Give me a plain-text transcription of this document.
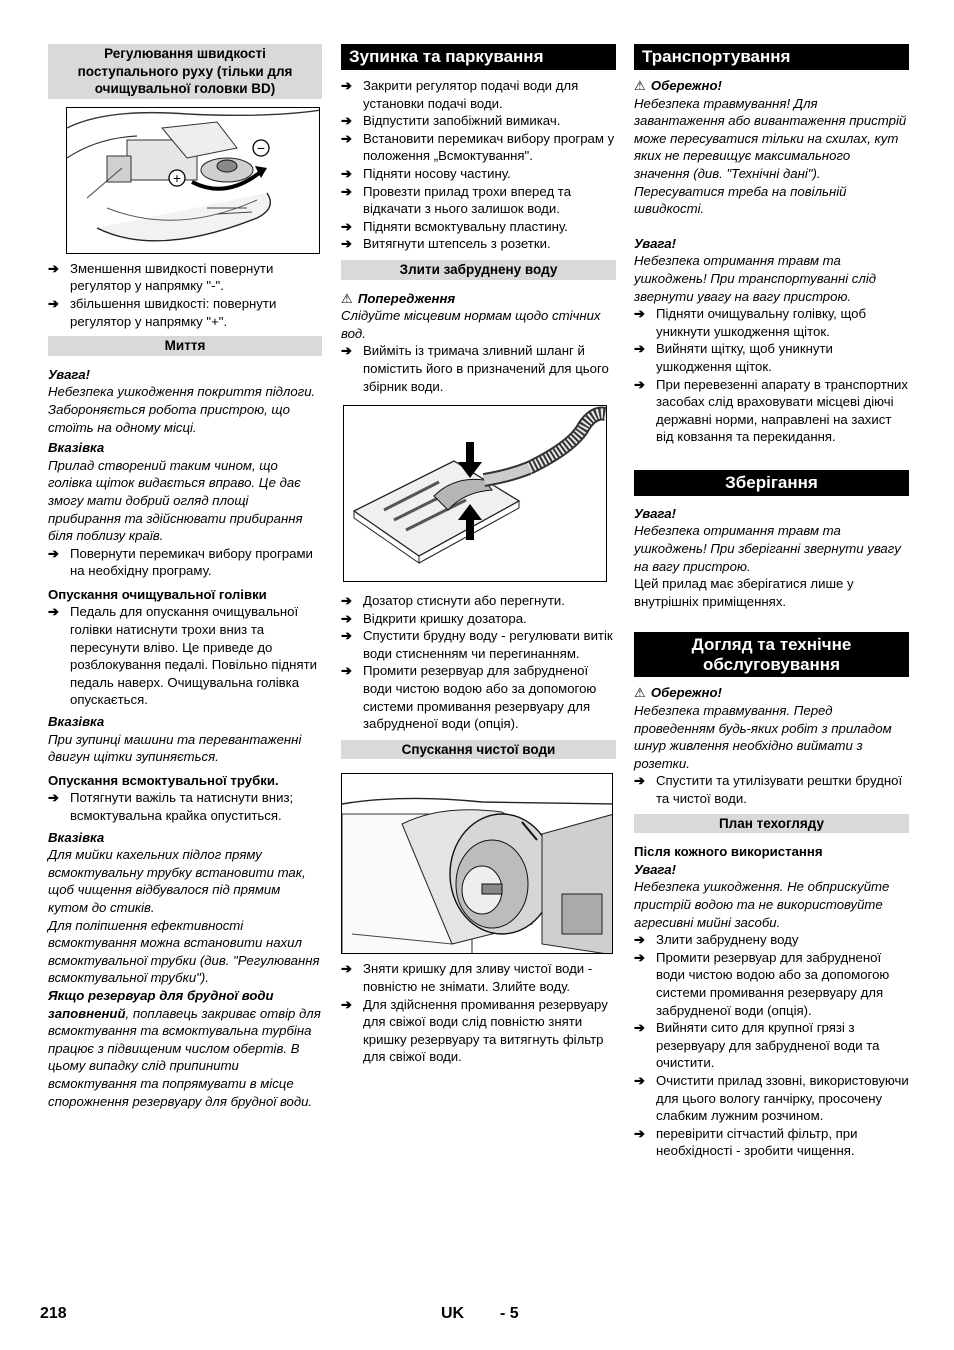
Регулювання швидкості поступального руху (тільки для очищувальної головки BD)
+
−
➔ Зменшення швидкості повернути регулятор у напрямку "-".
➔ збільшення швидкості: повернути регулятор у напрямку "+".
Миття
Увага!
Небезпека ушкодження покриття підлоги. Забороняється робота пристрою, що стоїть на одному місці.
Вказівка
Прилад створений таким чином, що голівка щіток видається вправо. Це дає змогу мати добрий огляд площі прибирання та здійснювати прибирання біля поблизу країв.
➔ Повернути перемикач вибору програми на необхідну програму.
Опускання очищувальної голівки
➔ Педаль для опускання очищувальної голівки натиснути трохи вниз та пересунути вліво. Це приведе до розблокування педалі. Повільно підняти педаль наверх. Очищувальна голівка опускається.
Вказівка
При зупинці машини та перевантаженні двигун щітки зупиняється.
Опускання всмоктувальної трубки.
➔ Потягнути важіль та натиснути вниз; всмоктувальна крайка опуститься.
Вказівка
Для мийки кахельних підлог пряму всмоктувальну трубку встановити так, щоб чищення відбувалося під прямим кутом до стиків.
Для поліпшення ефективності всмоктування можна встановити нахил всмоктувальної трубки (див. "Регулювання всмоктувальної трубки").
Якщо резервуар для брудної води заповнений, поплавець закриває отвір для всмоктування та всмоктувальна турбіна працює з підвищеним числом обертів. В цьому випадку слід припинити всмоктування та попрямувати в місце спорожнення резервуару для брудної води.
Зупинка та паркування
➔ Закрити регулятор подачі води для установки подачі води.
➔ Відпустити запобіжний вимикач.
➔ Встановити перемикач вибору програм у положення „Всмоктування".
➔ Підняти носову частину.
➔ Провезти прилад трохи вперед та відкачати з нього залишок води.
➔ Підняти всмоктувальну пластину.
➔ Витягнути штепсель з розетки.
Злити забруднену воду
⚠ Попередження
Слідуйте місцевим нормам щодо стічних вод.
➔ Виймiть iз тримача зливний шланг й помiстить його в призначений для цього збiрник води.
➔ Дозатор стиснути або перегнути.
➔ Відкрити кришку дозатора.
➔ Спустити брудну воду - регулювати витік води стисненням чи перегинанням.
➔ Промити резервуар для забрудненої води чистою водою або за допомогою системи промивання резервуару для забрудненої води (опція).
Спускання чистої води
➔ Зняти кришку для зливу чистої води - повністю не знімати. Злийте воду.
➔ Для здійснення промивання резервуару для свіжої води слід повністю зняти кришку резервуару та витягнуть фільтр для свіжої води.
Транспортування
⚠ Обережно!
Небезпека травмування! Для завантаження або вивантаження пристрій може пересуватися тільки на схилах, кут яких не перевищує максимального значення (див. "Технічні дані"). Пересуватися треба на повільній швидкості.
Увага!
Небезпека отримання травм та ушкоджень! При транспортуванні слід звернути увагу на вагу пристрою.
➔ Підняти очищувальну голівку, щоб уникнути ушкодження щіток.
➔ Вийняти щітку, щоб уникнути ушкодження щіток.
➔ При перевезенні апарату в транспортних засобах слід враховувати місцеві діючі державні норми, направлені на захист від ковзання та перекидання.
Зберігання
Увага!
Небезпека отримання травм та ушкоджень! При зберіганні звернути увагу на вагу пристрою.
Цей прилад має зберігатися лише у внутрішніх приміщеннях.
Догляд та технічне обслуговування
⚠ Обережно!
Небезпека травмування. Перед проведенням будь-яких робіт з приладом шнур живлення необхідно виймати з розетки.
➔ Спустити та утилізувати рештки брудної та чистої води.
План техогляду
Після кожного використання
Увага!
Небезпека ушкодження. Не обприскуйте пристрій водою та не використовуйте агресивні мийні засоби.
➔ Злити забруднену воду
➔ Промити резервуар для забрудненої води чистою водою або за допомогою системи промивання резервуару для забрудненої води (опція).
➔ Вийняти сито для крупної грязі з резервуару для забрудненої води та очистити.
➔ Очистити прилад ззовні, використовуючи для цього вологу ганчірку, просочену слабким лужним розчином.
➔ перевірити сітчастий фільтр, при необхідності - зробити чищення.
218	UK - 5
